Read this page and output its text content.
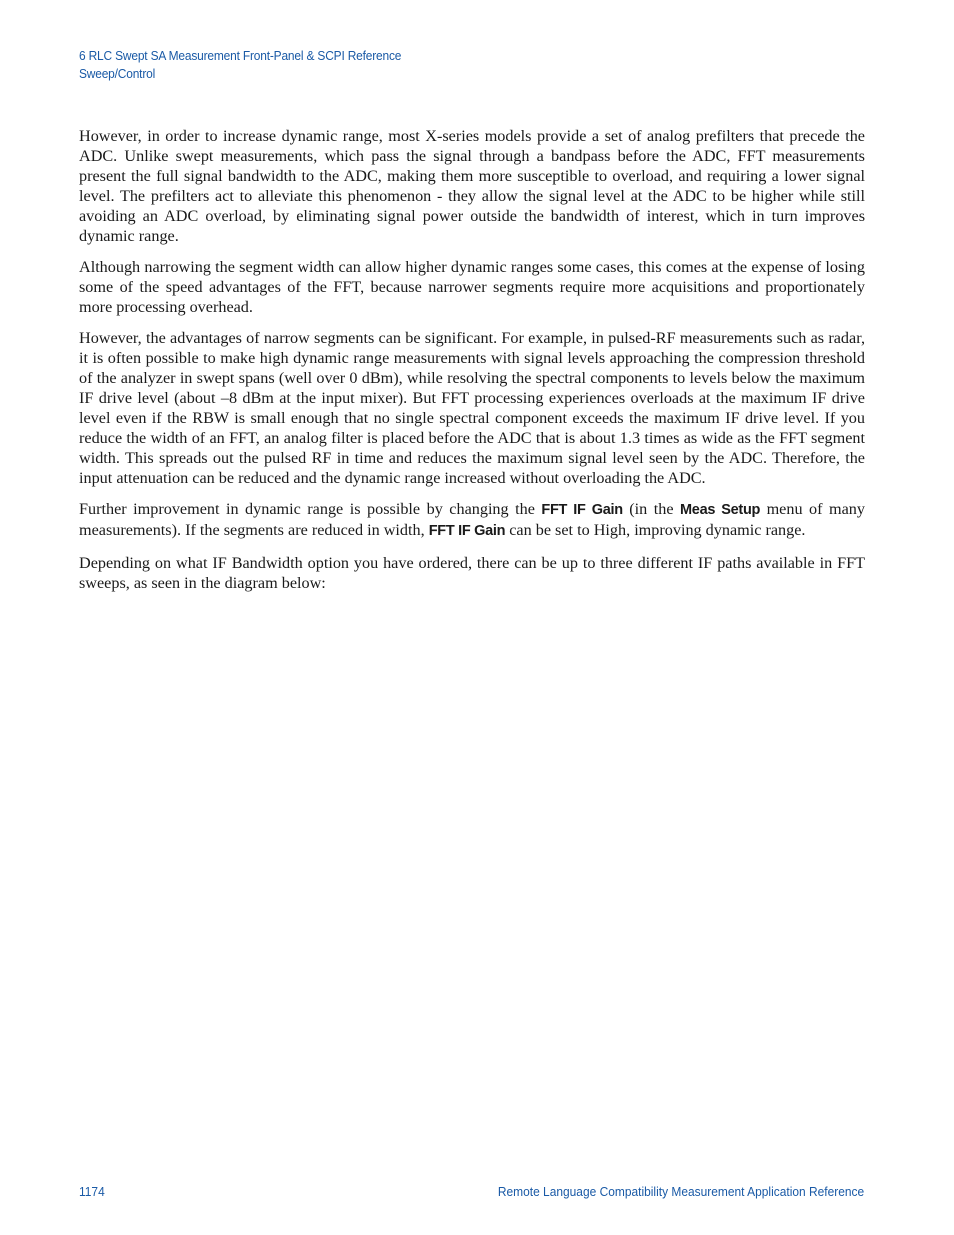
6 RLC Swept SA Measurement Front-Panel & SCPI Reference
Sweep/Control

However, in order to increase dynamic range, most X-series models provide a set of analog prefilters that precede the ADC. Unlike swept measurements, which pass the signal through a bandpass before the ADC, FFT measurements present the full signal bandwidth to the ADC, making them more susceptible to overload, and requiring a lower signal level. The prefilters act to alleviate this phenomenon - they allow the signal level at the ADC to be higher while still avoiding an ADC overload, by eliminating signal power outside the bandwidth of interest, which in turn improves dynamic range.

Although narrowing the segment width can allow higher dynamic ranges some cases, this comes at the expense of losing some of the speed advantages of the FFT, because narrower segments require more acquisitions and proportionately more processing overhead.

However, the advantages of narrow segments can be significant. For example, in pulsed-RF measurements such as radar, it is often possible to make high dynamic range measurements with signal levels approaching the compression threshold of the analyzer in swept spans (well over 0 dBm), while resolving the spectral components to levels below the maximum IF drive level (about –8 dBm at the input mixer). But FFT processing experiences overloads at the maximum IF drive level even if the RBW is small enough that no single spectral component exceeds the maximum IF drive level. If you reduce the width of an FFT, an analog filter is placed before the ADC that is about 1.3 times as wide as the FFT segment width. This spreads out the pulsed RF in time and reduces the maximum signal level seen by the ADC. Therefore, the input attenuation can be reduced and the dynamic range increased without overloading the ADC.

Further improvement in dynamic range is possible by changing the FFT IF Gain (in the Meas Setup menu of many measurements). If the segments are reduced in width, FFT IF Gain can be set to High, improving dynamic range.

Depending on what IF Bandwidth option you have ordered, there can be up to three different IF paths available in FFT sweeps, as seen in the diagram below:

1174	Remote Language Compatibility Measurement Application Reference
